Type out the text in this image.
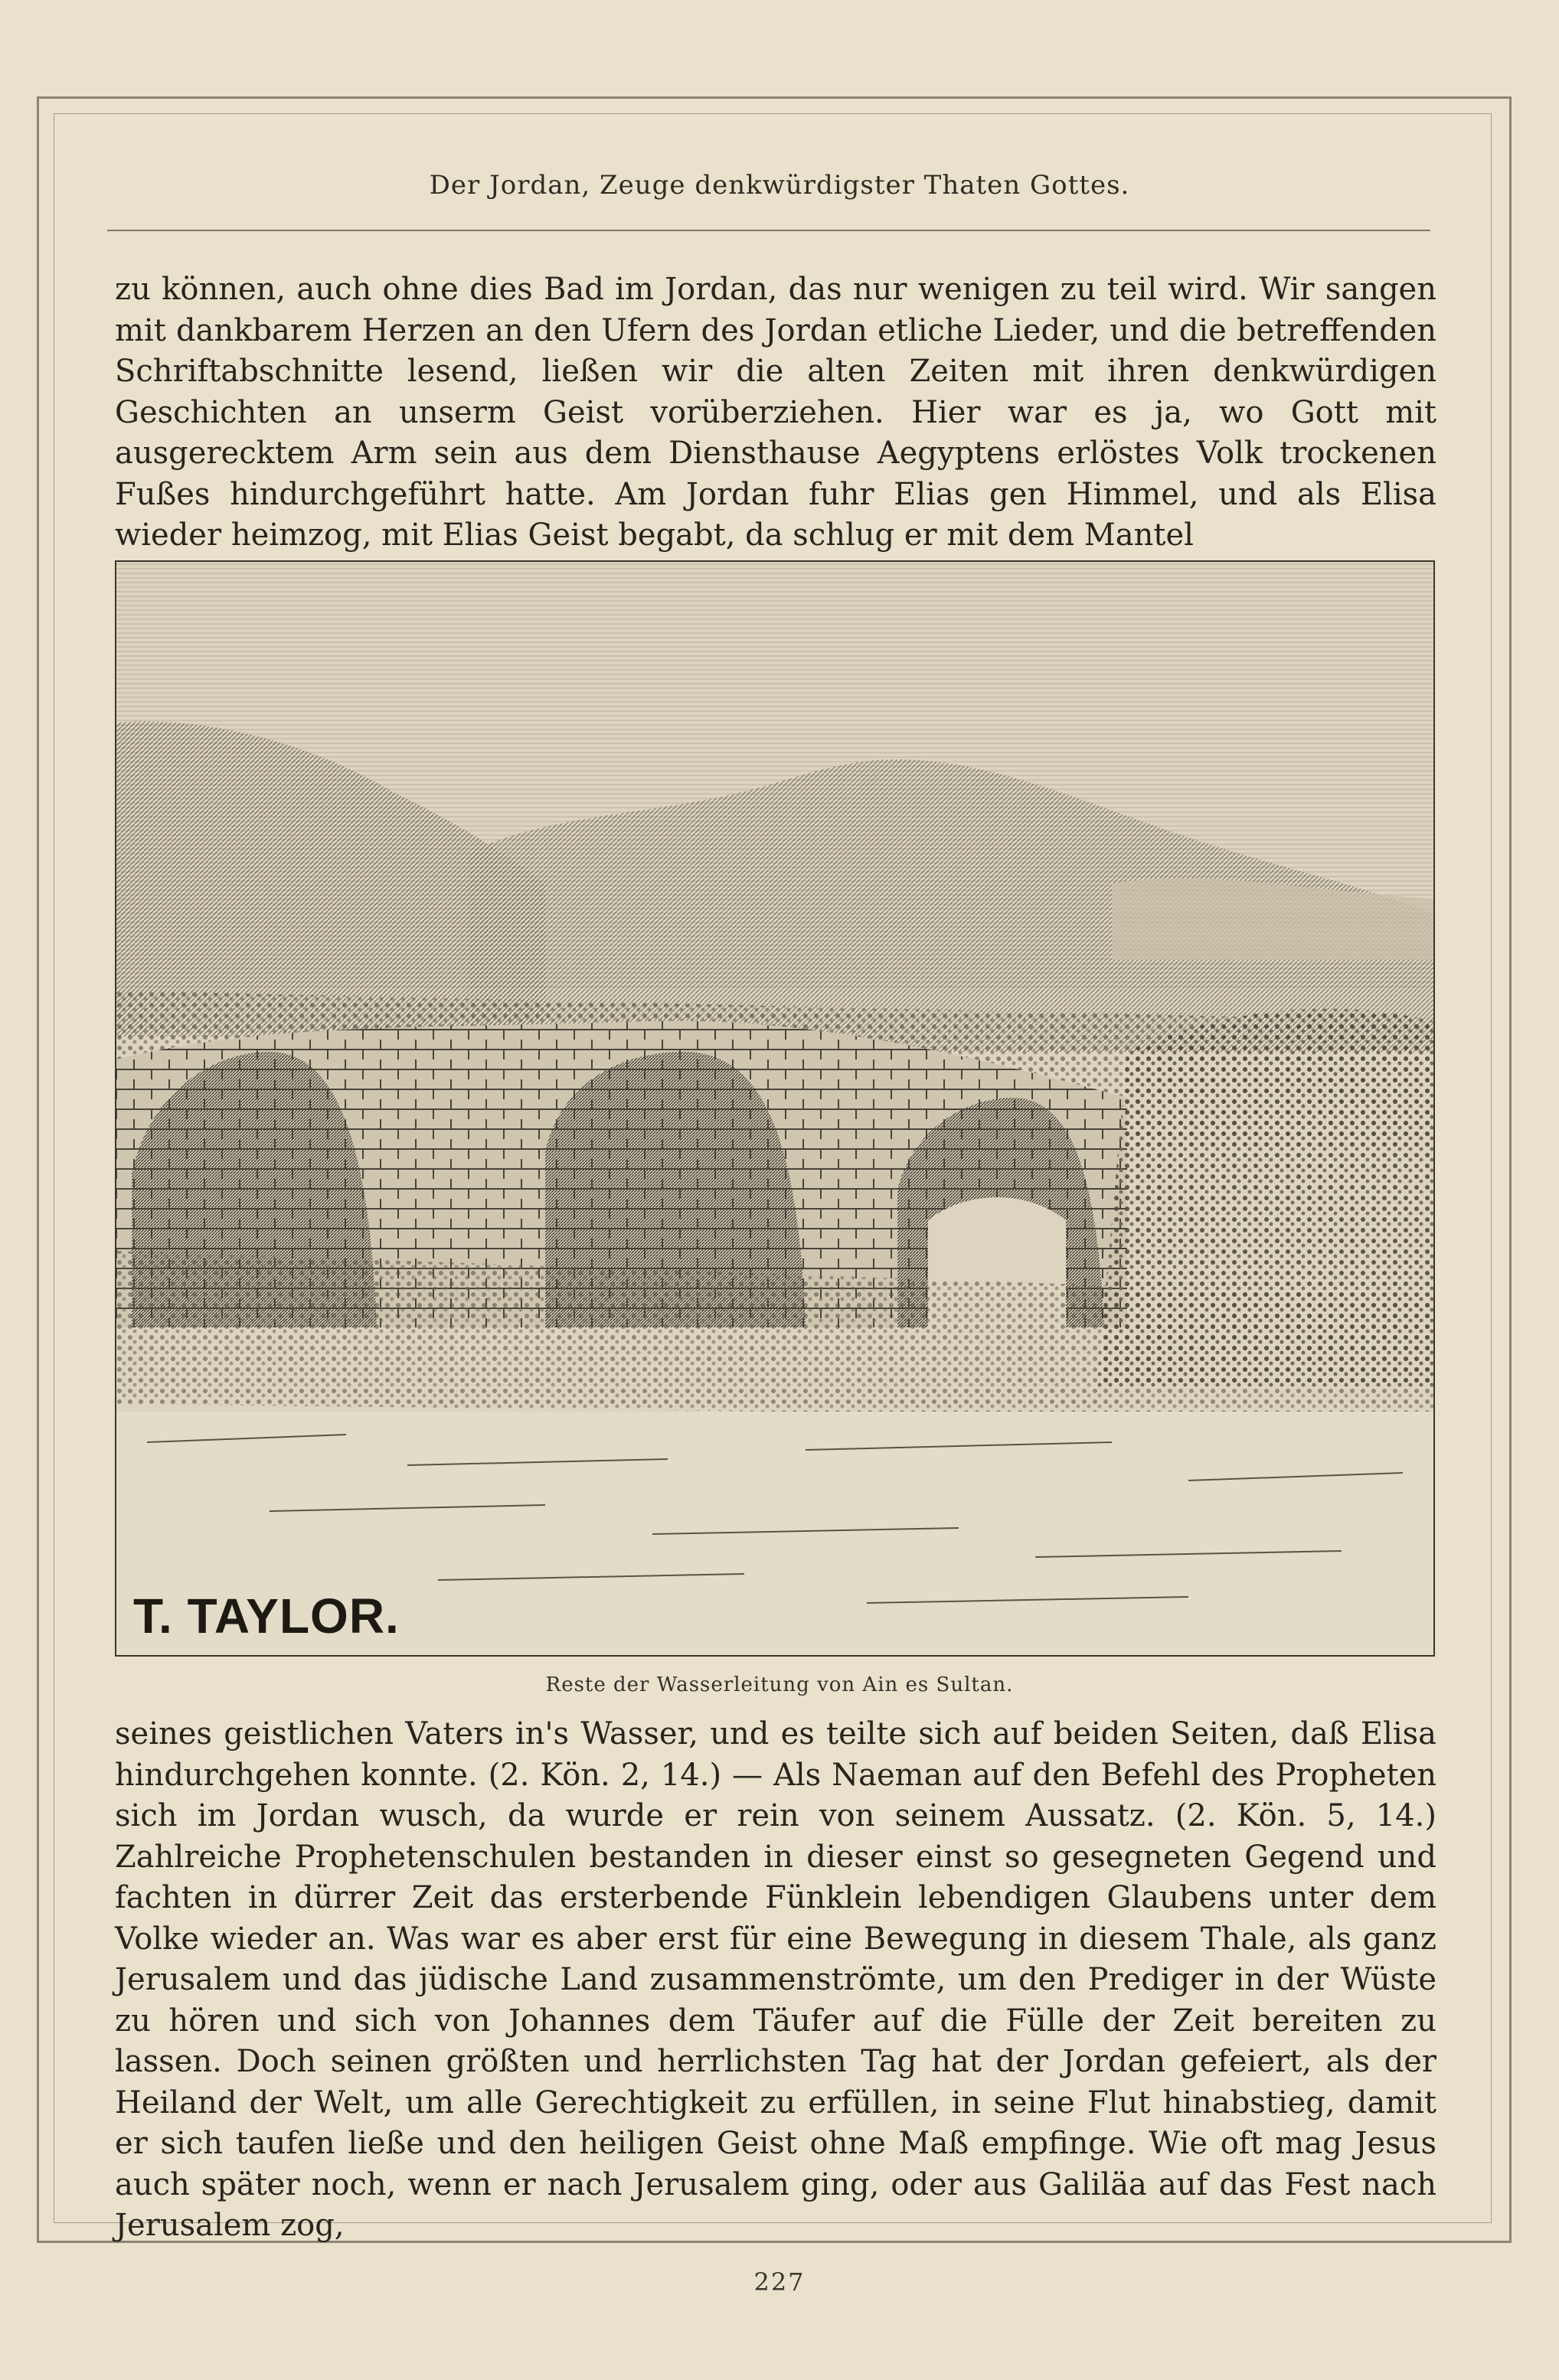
Der Jordan, Zeuge denkwürdigster Thaten Gottes.
zu können, auch ohne dies Bad im Jordan, das nur wenigen zu teil wird. Wir sangen mit dankbarem Herzen an den Ufern des Jordan etliche Lieder, und die betreffenden Schriftabschnitte lesend, ließen wir die alten Zeiten mit ihren denkwürdigen Geschichten an unserm Geist vorüberziehen. Hier war es ja, wo Gott mit ausgerecktem Arm sein aus dem Diensthause Aegyptens erlöstes Volk trockenen Fußes hindurchgeführt hatte. Am Jordan fuhr Elias gen Himmel, und als Elisa wieder heimzog, mit Elias Geist begabt, da schlug er mit dem Mantel
T. TAYLOR.
Reste der Wasserleitung von Ain es Sultan.
seines geistlichen Vaters in's Wasser, und es teilte sich auf beiden Seiten, daß Elisa hindurchgehen konnte. (2. Kön. 2, 14.) — Als Naeman auf den Befehl des Propheten sich im Jordan wusch, da wurde er rein von seinem Aussatz. (2. Kön. 5, 14.) Zahlreiche Prophetenschulen bestanden in dieser einst so gesegneten Gegend und fachten in dürrer Zeit das ersterbende Fünklein lebendigen Glaubens unter dem Volke wieder an. Was war es aber erst für eine Bewegung in diesem Thale, als ganz Jerusalem und das jüdische Land zusammenströmte, um den Prediger in der Wüste zu hören und sich von Johannes dem Täufer auf die Fülle der Zeit bereiten zu lassen. Doch seinen größten und herrlichsten Tag hat der Jordan gefeiert, als der Heiland der Welt, um alle Gerechtigkeit zu erfüllen, in seine Flut hinabstieg, damit er sich taufen ließe und den heiligen Geist ohne Maß empfinge. Wie oft mag Jesus auch später noch, wenn er nach Jerusalem ging, oder aus Galiläa auf das Fest nach Jerusalem zog,
227
